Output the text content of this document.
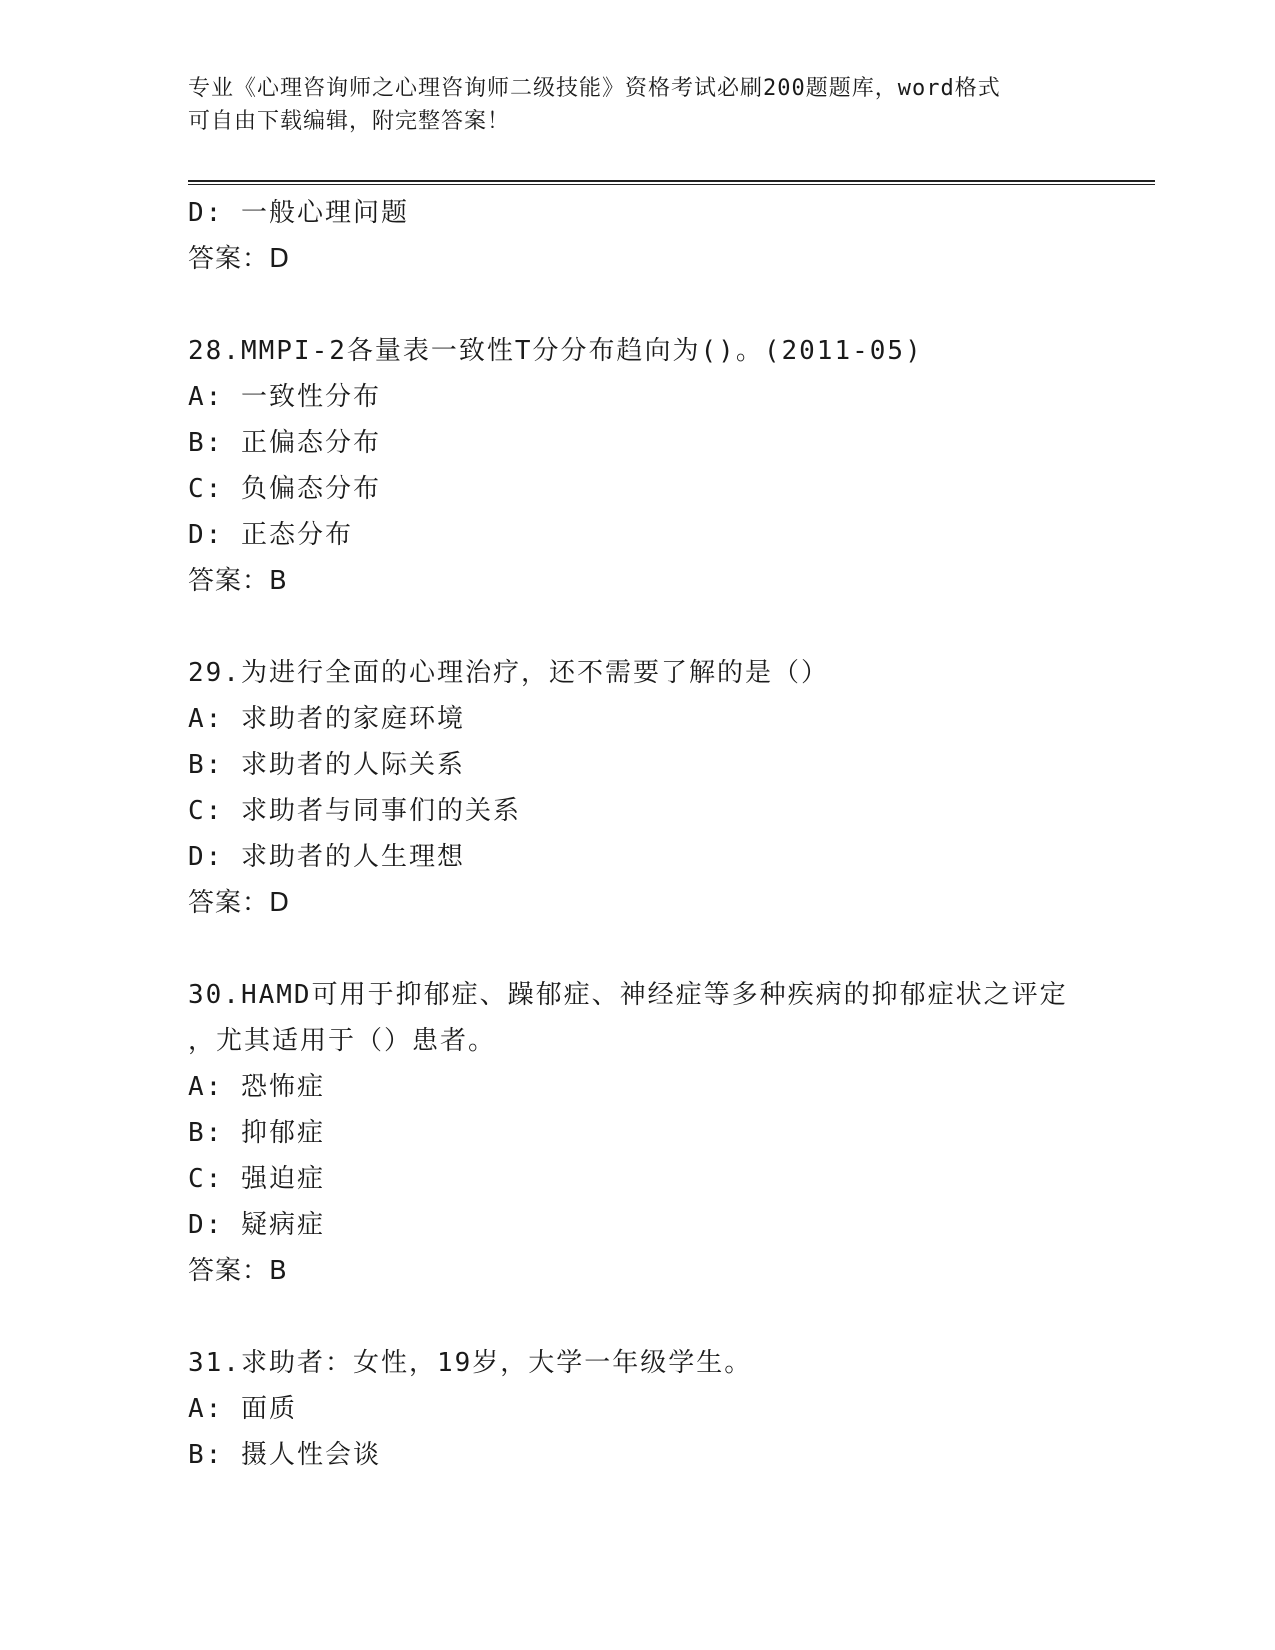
专业《心理咨询师之心理咨询师二级技能》资格考试必刷200题题库，word格式
可自由下载编辑，附完整答案！
D: 一般心理问题
答案：D
28.MMPI-2各量表一致性T分分布趋向为()。(2011-05)
A: 一致性分布
B: 正偏态分布
C: 负偏态分布
D: 正态分布
答案：B
29.为进行全面的心理治疗，还不需要了解的是（）
A: 求助者的家庭环境
B: 求助者的人际关系
C: 求助者与同事们的关系
D: 求助者的人生理想
答案：D
30.HAMD可用于抑郁症、躁郁症、神经症等多种疾病的抑郁症状之评定
，尤其适用于（）患者。
A: 恐怖症
B: 抑郁症
C: 强迫症
D: 疑病症
答案：B
31.求助者：女性，19岁，大学一年级学生。
A: 面质
B: 摄人性会谈
